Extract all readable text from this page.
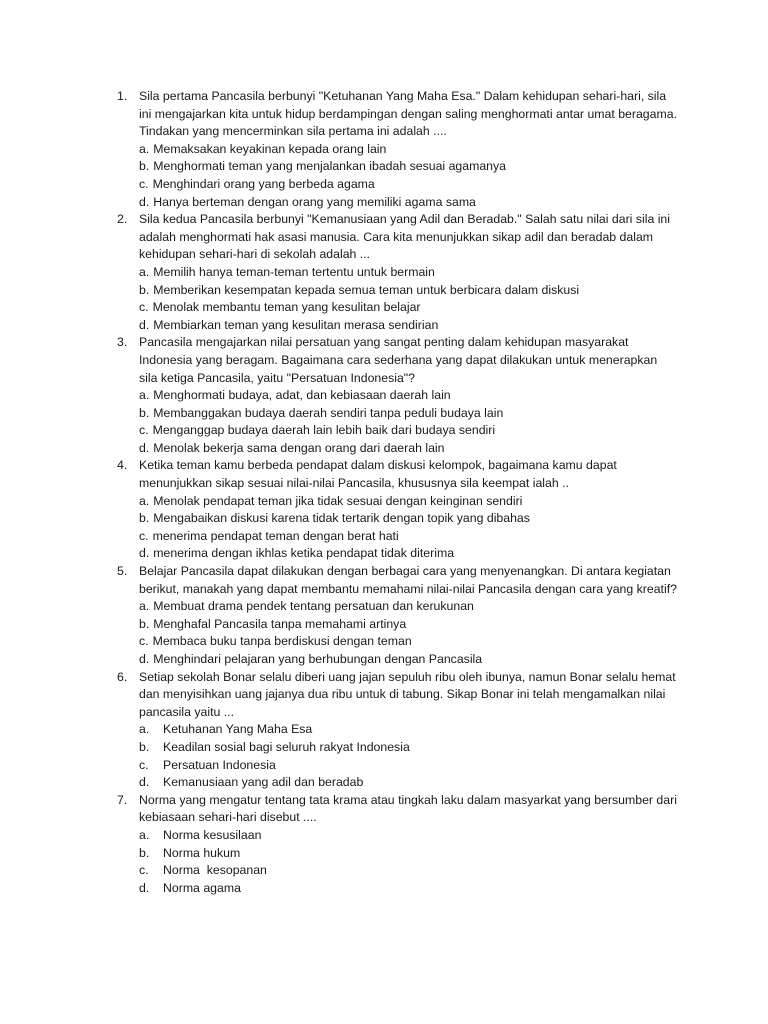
1. Sila pertama Pancasila berbunyi "Ketuhanan Yang Maha Esa." Dalam kehidupan sehari-hari, sila ini mengajarkan kita untuk hidup berdampingan dengan saling menghormati antar umat beragama. Tindakan yang mencerminkan sila pertama ini adalah ....
a. Memaksakan keyakinan kepada orang lain
b. Menghormati teman yang menjalankan ibadah sesuai agamanya
c. Menghindari orang yang berbeda agama
d. Hanya berteman dengan orang yang memiliki agama sama
2. Sila kedua Pancasila berbunyi "Kemanusiaan yang Adil dan Beradab." Salah satu nilai dari sila ini adalah menghormati hak asasi manusia. Cara kita menunjukkan sikap adil dan beradab dalam kehidupan sehari-hari di sekolah adalah ...
a. Memilih hanya teman-teman tertentu untuk bermain
b. Memberikan kesempatan kepada semua teman untuk berbicara dalam diskusi
c. Menolak membantu teman yang kesulitan belajar
d. Membiarkan teman yang kesulitan merasa sendirian
3. Pancasila mengajarkan nilai persatuan yang sangat penting dalam kehidupan masyarakat Indonesia yang beragam. Bagaimana cara sederhana yang dapat dilakukan untuk menerapkan sila ketiga Pancasila, yaitu "Persatuan Indonesia"?
a. Menghormati budaya, adat, dan kebiasaan daerah lain
b. Membanggakan budaya daerah sendiri tanpa peduli budaya lain
c. Menganggap budaya daerah lain lebih baik dari budaya sendiri
d. Menolak bekerja sama dengan orang dari daerah lain
4. Ketika teman kamu berbeda pendapat dalam diskusi kelompok, bagaimana kamu dapat menunjukkan sikap sesuai nilai-nilai Pancasila, khususnya sila keempat ialah ..
a. Menolak pendapat teman jika tidak sesuai dengan keinginan sendiri
b. Mengabaikan diskusi karena tidak tertarik dengan topik yang dibahas
c. menerima pendapat teman dengan berat hati
d. menerima dengan ikhlas ketika pendapat tidak diterima
5. Belajar Pancasila dapat dilakukan dengan berbagai cara yang menyenangkan. Di antara kegiatan berikut, manakah yang dapat membantu memahami nilai-nilai Pancasila dengan cara yang kreatif?
a. Membuat drama pendek tentang persatuan dan kerukunan
b. Menghafal Pancasila tanpa memahami artinya
c. Membaca buku tanpa berdiskusi dengan teman
d. Menghindari pelajaran yang berhubungan dengan Pancasila
6. Setiap sekolah Bonar selalu diberi uang jajan sepuluh ribu oleh ibunya, namun Bonar selalu hemat dan menyisihkan uang jajanya dua ribu untuk di tabung. Sikap Bonar ini telah mengamalkan nilai pancasila yaitu ...
a.	Ketuhanan Yang Maha Esa
b.	Keadilan sosial bagi seluruh rakyat Indonesia
c.	Persatuan Indonesia
d.	Kemanusiaan yang adil dan beradab
7. Norma yang mengatur tentang tata krama atau tingkah laku dalam masyarkat yang bersumber dari kebiasaan sehari-hari disebut ....
a.	Norma kesusilaan
b.	Norma hukum
c.	Norma  kesopanan
d.	Norma agama
